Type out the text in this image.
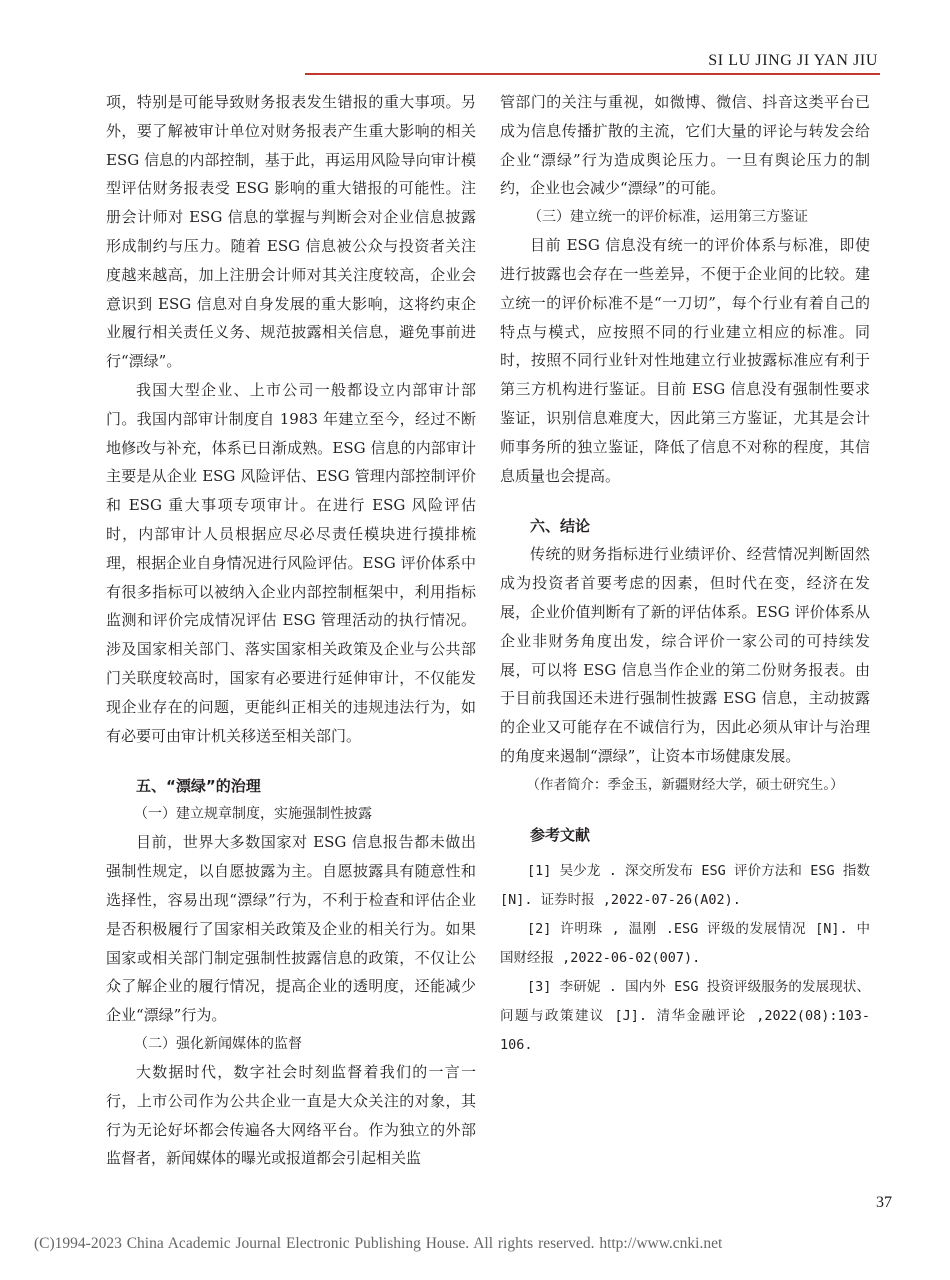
SI LU JING JI YAN JIU

项，特别是可能导致财务报表发生错报的重大事项。另外，要了解被审计单位对财务报表产生重大影响的相关 ESG 信息的内部控制，基于此，再运用风险导向审计模型评估财务报表受 ESG 影响的重大错报的可能性。注册会计师对 ESG 信息的掌握与判断会对企业信息披露形成制约与压力。随着 ESG 信息被公众与投资者关注度越来越高，加上注册会计师对其关注度较高，企业会意识到 ESG 信息对自身发展的重大影响，这将约束企业履行相关责任义务、规范披露相关信息，避免事前进行“漂绿”。

我国大型企业、上市公司一般都设立内部审计部门。我国内部审计制度自 1983 年建立至今，经过不断地修改与补充，体系已日渐成熟。ESG 信息的内部审计主要是从企业 ESG 风险评估、ESG 管理内部控制评价和 ESG 重大事项专项审计。在进行 ESG 风险评估时，内部审计人员根据应尽必尽责任模块进行摸排梳理，根据企业自身情况进行风险评估。ESG 评价体系中有很多指标可以被纳入企业内部控制框架中，利用指标监测和评价完成情况评估 ESG 管理活动的执行情况。涉及国家相关部门、落实国家相关政策及企业与公共部门关联度较高时，国家有必要进行延伸审计，不仅能发现企业存在的问题，更能纠正相关的违规违法行为，如有必要可由审计机关移送至相关部门。

五、“漂绿”的治理

（一）建立规章制度，实施强制性披露

目前，世界大多数国家对 ESG 信息报告都未做出强制性规定，以自愿披露为主。自愿披露具有随意性和选择性，容易出现“漂绿”行为，不利于检查和评估企业是否积极履行了国家相关政策及企业的相关行为。如果国家或相关部门制定强制性披露信息的政策，不仅让公众了解企业的履行情况，提高企业的透明度，还能减少企业“漂绿”行为。

（二）强化新闻媒体的监督

大数据时代，数字社会时刻监督着我们的一言一行，上市公司作为公共企业一直是大众关注的对象，其行为无论好坏都会传遍各大网络平台。作为独立的外部监督者，新闻媒体的曝光或报道都会引起相关监

管部门的关注与重视，如微博、微信、抖音这类平台已成为信息传播扩散的主流，它们大量的评论与转发会给企业“漂绿”行为造成舆论压力。一旦有舆论压力的制约，企业也会减少“漂绿”的可能。

（三）建立统一的评价标准，运用第三方鉴证

目前 ESG 信息没有统一的评价体系与标准，即使进行披露也会存在一些差异，不便于企业间的比较。建立统一的评价标准不是“一刀切”，每个行业有着自己的特点与模式，应按照不同的行业建立相应的标准。同时，按照不同行业针对性地建立行业披露标准应有利于第三方机构进行鉴证。目前 ESG 信息没有强制性要求鉴证，识别信息难度大，因此第三方鉴证，尤其是会计师事务所的独立鉴证，降低了信息不对称的程度，其信息质量也会提高。

六、结论

传统的财务指标进行业绩评价、经营情况判断固然成为投资者首要考虑的因素，但时代在变，经济在发展，企业价值判断有了新的评估体系。ESG 评价体系从企业非财务角度出发，综合评价一家公司的可持续发展，可以将 ESG 信息当作企业的第二份财务报表。由于目前我国还未进行强制性披露 ESG 信息，主动披露的企业又可能存在不诚信行为，因此必须从审计与治理的角度来遏制“漂绿”，让资本市场健康发展。

（作者简介：季金玉，新疆财经大学，硕士研究生。）

参考文献

[1] 吴少龙 . 深交所发布 ESG 评价方法和 ESG 指数 [N]. 证券时报 ,2022-07-26(A02).

[2] 许明珠 , 温刚 .ESG 评级的发展情况 [N]. 中国财经报 ,2022-06-02(007).

[3] 李研妮 . 国内外 ESG 投资评级服务的发展现状、问题与政策建议 [J]. 清华金融评论 ,2022(08):103-106.

37
(C)1994-2023 China Academic Journal Electronic Publishing House. All rights reserved. http://www.cnki.net
